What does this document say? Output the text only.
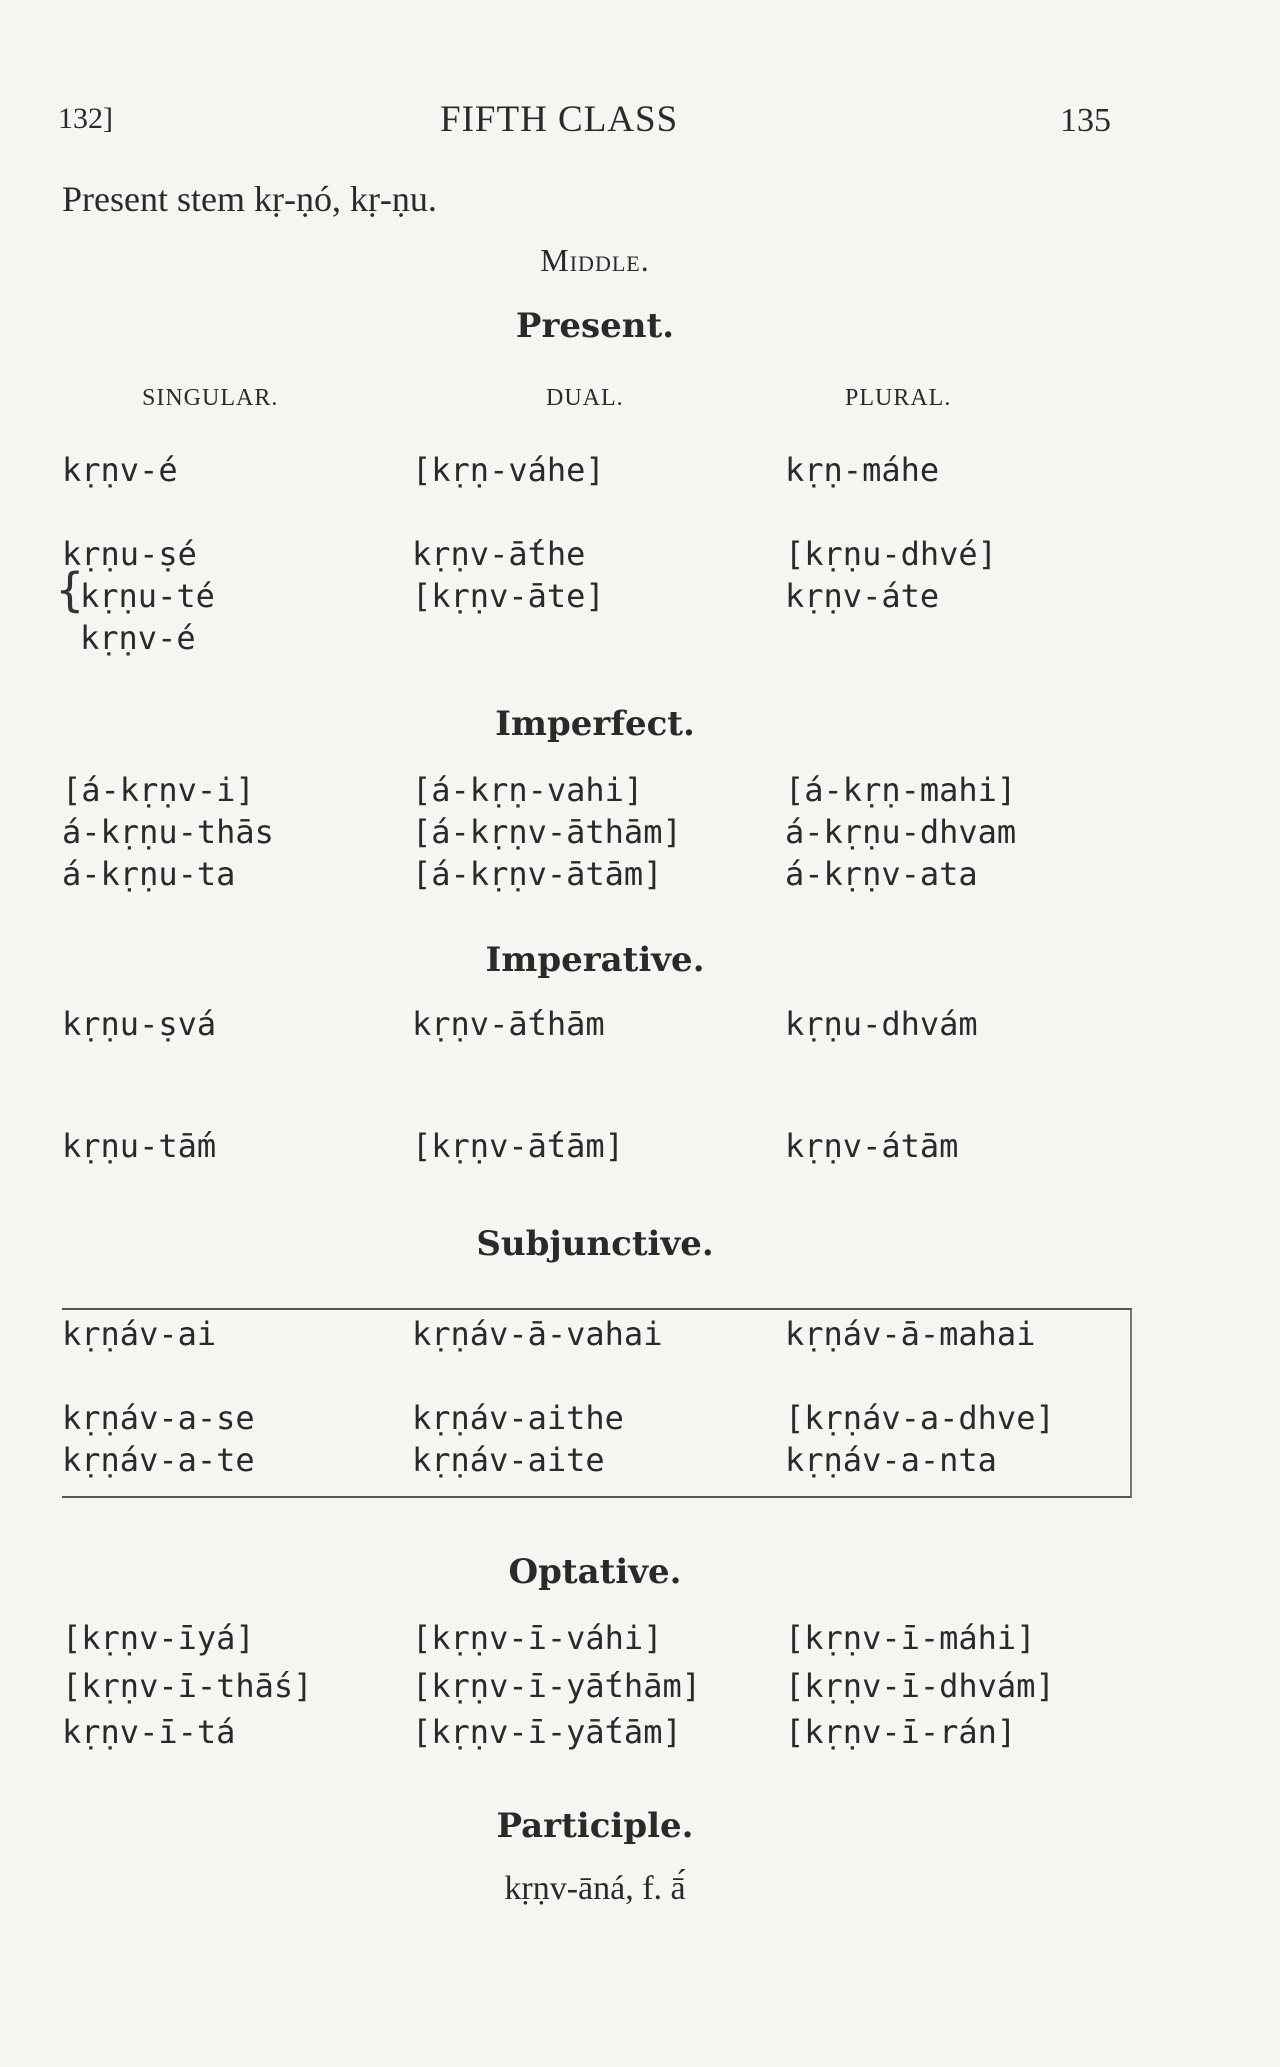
132]	FIFTH CLASS	135
Present stem kṛ-ṇó, kṛ-ṇu.
Middle.
Present.
SINGULAR.	DUAL.	PLURAL.
kṛṇv-é	[kṛṇ-váhe]	kṛṇ-máhe
kṛṇu-ṣé	kṛṇv-ā́the	[kṛṇu-dhvé]
{
kṛṇu-té	[kṛṇv-āte]	kṛṇv-áte
kṛṇv-é
Imperfect.
[á-kṛṇv-i]	[á-kṛṇ-vahi]	[á-kṛṇ-mahi]
á-kṛṇu-thās	[á-kṛṇv-āthām]	á-kṛṇu-dhvam
á-kṛṇu-ta	[á-kṛṇv-ātām]	á-kṛṇv-ata
Imperative.
kṛṇu-ṣvá	kṛṇv-ā́thām	kṛṇu-dhvám
kṛṇu-tā́m	[kṛṇv-ā́tām]	kṛṇv-átām
Subjunctive.
kṛṇáv-ai	kṛṇáv-ā-vahai	kṛṇáv-ā-mahai
kṛṇáv-a-se	kṛṇáv-aithe	[kṛṇáv-a-dhve]
kṛṇáv-a-te	kṛṇáv-aite	kṛṇáv-a-nta
Optative.
[kṛṇv-īyá]	[kṛṇv-ī-váhi]	[kṛṇv-ī-máhi]
[kṛṇv-ī-thā́s]	[kṛṇv-ī-yā́thām]	[kṛṇv-ī-dhvám]
kṛṇv-ī-tá	[kṛṇv-ī-yā́tām]	[kṛṇv-ī-rán]
Participle.
kṛṇv-āná, f. ā́
